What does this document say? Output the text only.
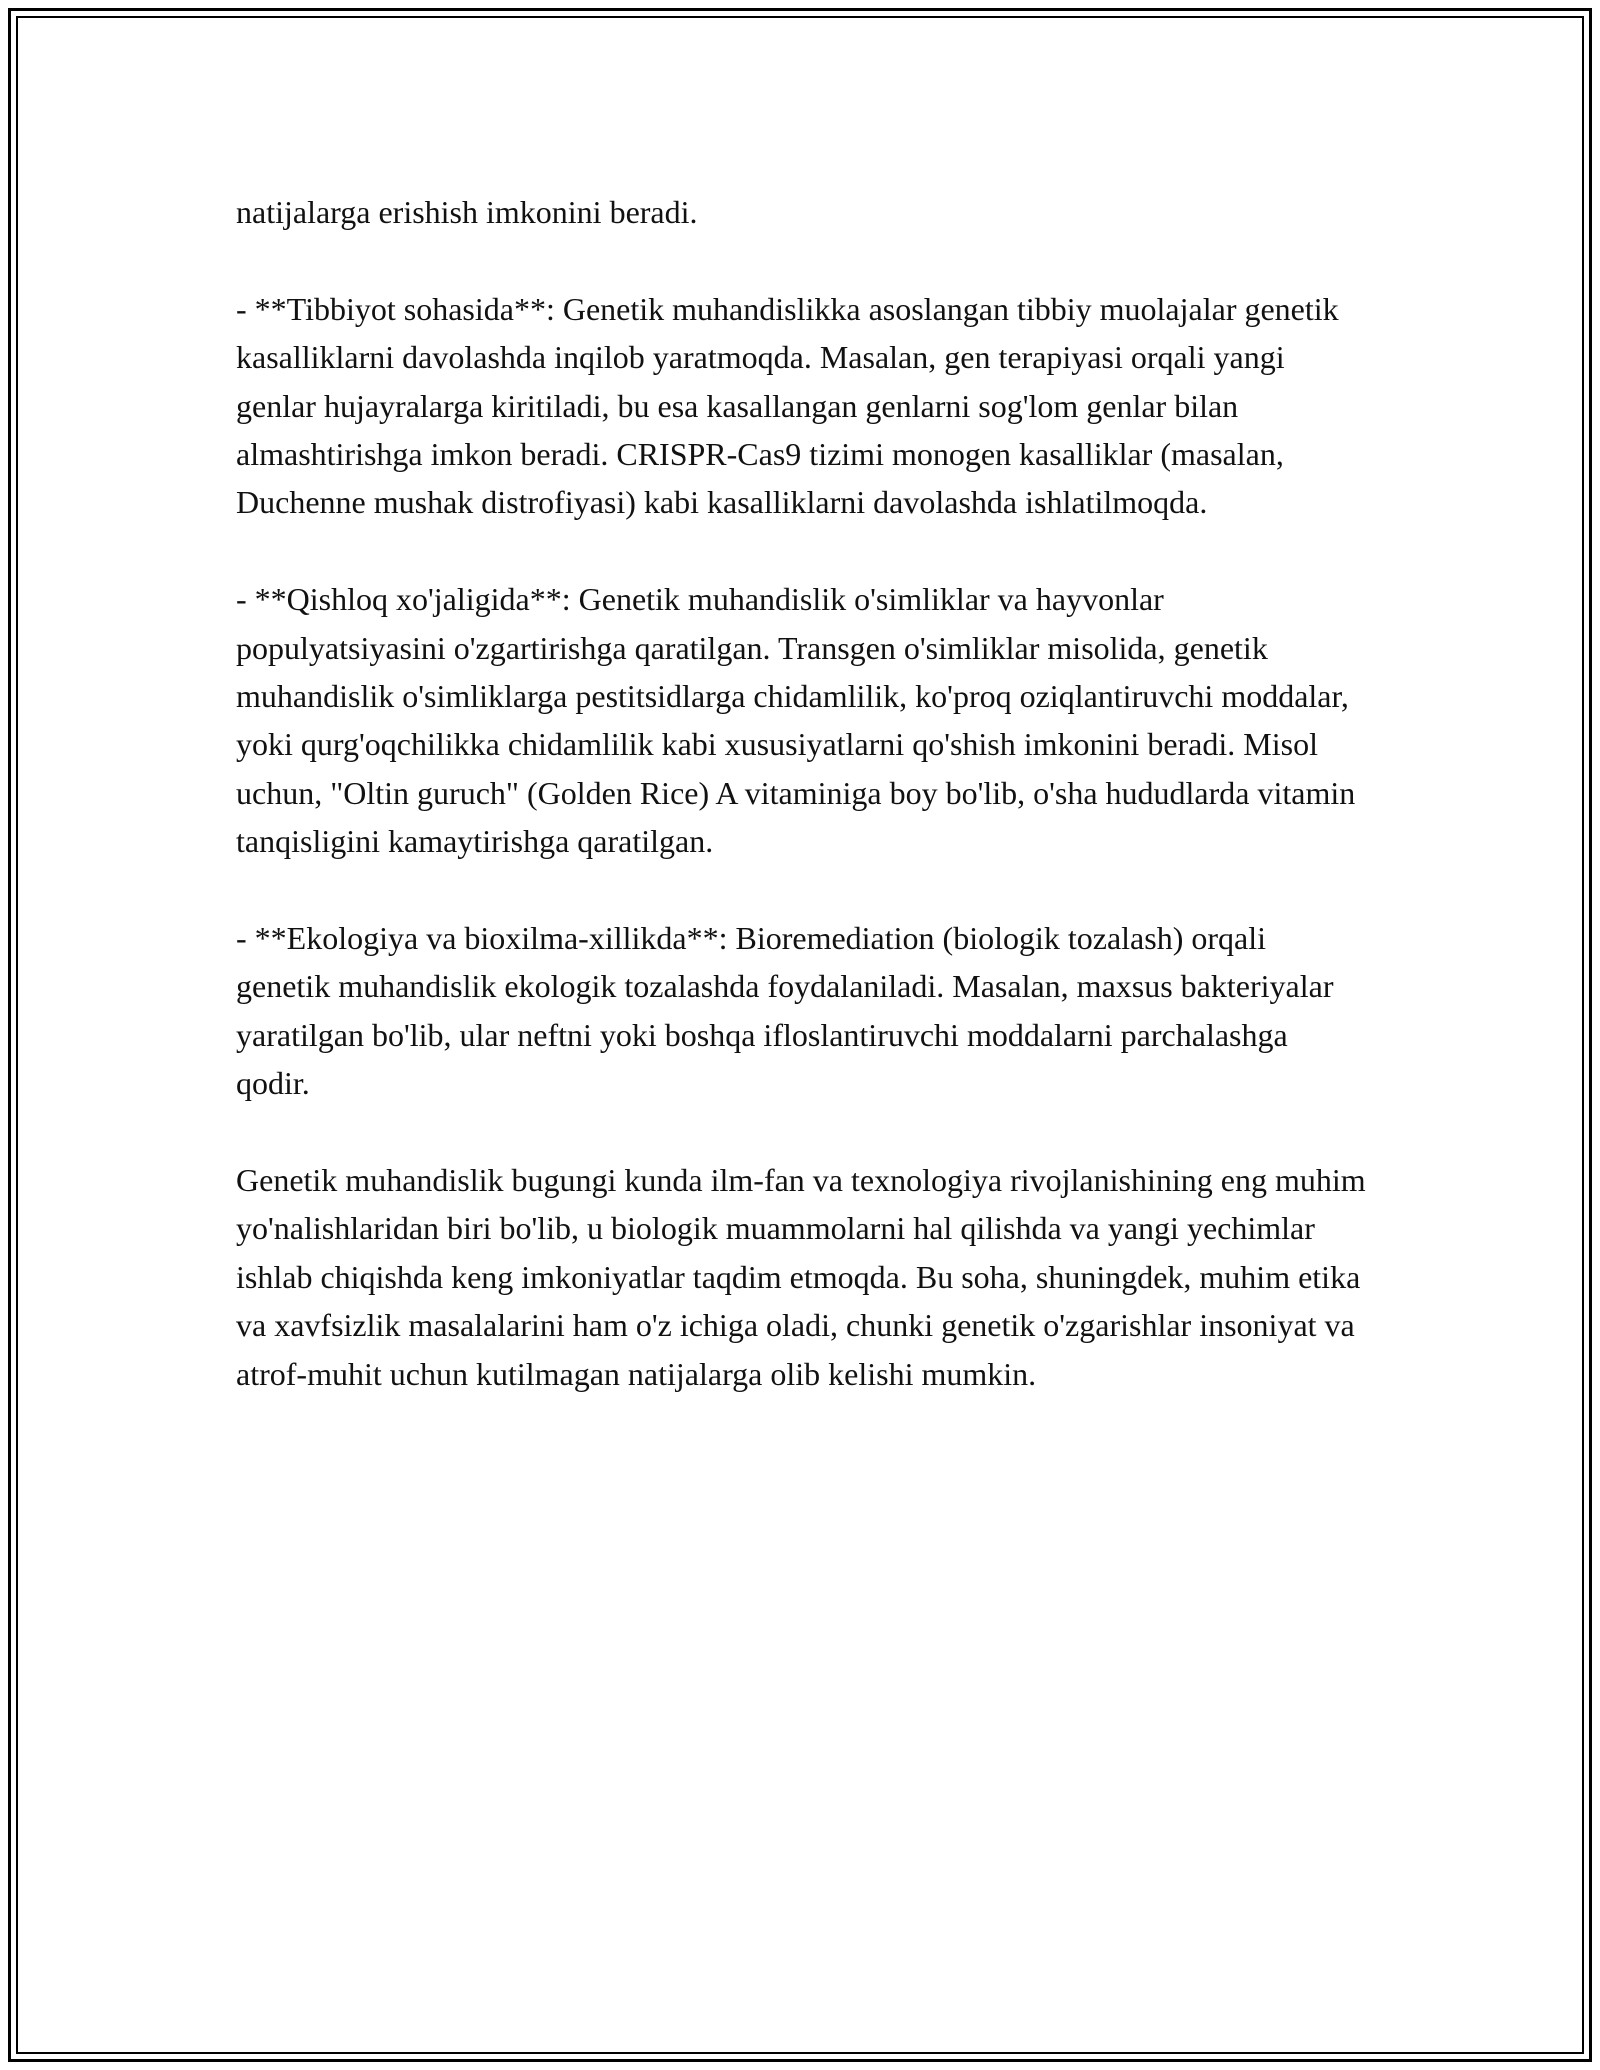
natijalarga erishish imkonini beradi.

- **Tibbiyot sohasida**: Genetik muhandislikka asoslangan tibbiy muolajalar genetik kasalliklarni davolashda inqilob yaratmoqda. Masalan, gen terapiyasi orqali yangi genlar hujayralarga kiritiladi, bu esa kasallangan genlarni sog'lom genlar bilan almashtirishga imkon beradi. CRISPR-Cas9 tizimi monogen kasalliklar (masalan, Duchenne mushak distrofiyasi) kabi kasalliklarni davolashda ishlatilmoqda.

- **Qishloq xo'jaligida**: Genetik muhandislik o'simliklar va hayvonlar populyatsiyasini o'zgartirishga qaratilgan. Transgen o'simliklar misolida, genetik muhandislik o'simliklarga pestitsidlarga chidamlilik, ko'proq oziqlantiruvchi moddalar, yoki qurg'oqchilikka chidamlilik kabi xususiyatlarni qo'shish imkonini beradi. Misol uchun, "Oltin guruch" (Golden Rice) A vitaminiga boy bo'lib, o'sha hududlarda vitamin tanqisligini kamaytirishga qaratilgan.

- **Ekologiya va bioxilma-xillikda**: Bioremediation (biologik tozalash) orqali genetik muhandislik ekologik tozalashda foydalaniladi. Masalan, maxsus bakteriyalar yaratilgan bo'lib, ular neftni yoki boshqa ifloslantiruvchi moddalarni parchalashga qodir.

Genetik muhandislik bugungi kunda ilm-fan va texnologiya rivojlanishining eng muhim yo'nalishlaridan biri bo'lib, u biologik muammolarni hal qilishda va yangi yechimlar ishlab chiqishda keng imkoniyatlar taqdim etmoqda. Bu soha, shuningdek, muhim etika va xavfsizlik masalalarini ham o'z ichiga oladi, chunki genetik o'zgarishlar insoniyat va atrof-muhit uchun kutilmagan natijalarga olib kelishi mumkin.
